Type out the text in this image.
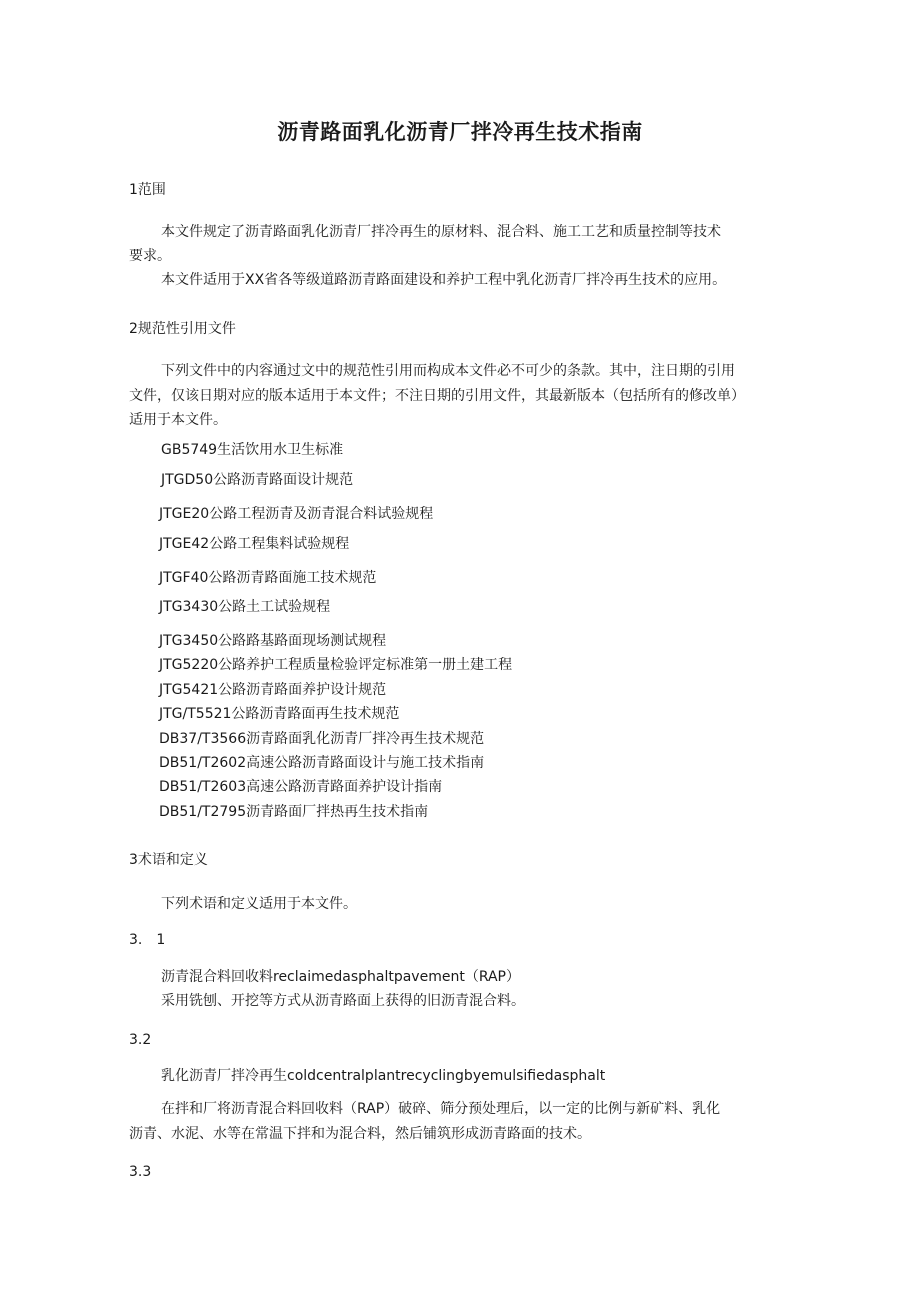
沥青路面乳化沥青厂拌冷再生技术指南
1范围
本文件规定了沥青路面乳化沥青厂拌冷再生的原材料、混合料、施工工艺和质量控制等技术
要求。
本文件适用于XX省各等级道路沥青路面建设和养护工程中乳化沥青厂拌冷再生技术的应用。
2规范性引用文件
下列文件中的内容通过文中的规范性引用而构成本文件必不可少的条款。其中，注日期的引用
文件，仅该日期对应的版本适用于本文件；不注日期的引用文件，其最新版本（包括所有的修改单）
适用于本文件。
GB5749生活饮用水卫生标准
JTGD50公路沥青路面设计规范
JTGE20公路工程沥青及沥青混合料试验规程
JTGE42公路工程集料试验规程
JTGF40公路沥青路面施工技术规范
JTG3430公路土工试验规程
JTG3450公路路基路面现场测试规程
JTG5220公路养护工程质量检验评定标准第一册土建工程
JTG5421公路沥青路面养护设计规范
JTG/T5521公路沥青路面再生技术规范
DB37/T3566沥青路面乳化沥青厂拌冷再生技术规范
DB51/T2602高速公路沥青路面设计与施工技术指南
DB51/T2603高速公路沥青路面养护设计指南
DB51/T2795沥青路面厂拌热再生技术指南
3术语和定义
下列术语和定义适用于本文件。
3.　1
沥青混合料回收料reclaimedasphaltpavement（RAP）
采用铣刨、开挖等方式从沥青路面上获得的旧沥青混合料。
3.2
乳化沥青厂拌冷再生coldcentralplantrecyclingbyemulsifiedasphalt
在拌和厂将沥青混合料回收料（RAP）破碎、筛分预处理后，以一定的比例与新矿料、乳化
沥青、水泥、水等在常温下拌和为混合料，然后铺筑形成沥青路面的技术。
3.3
